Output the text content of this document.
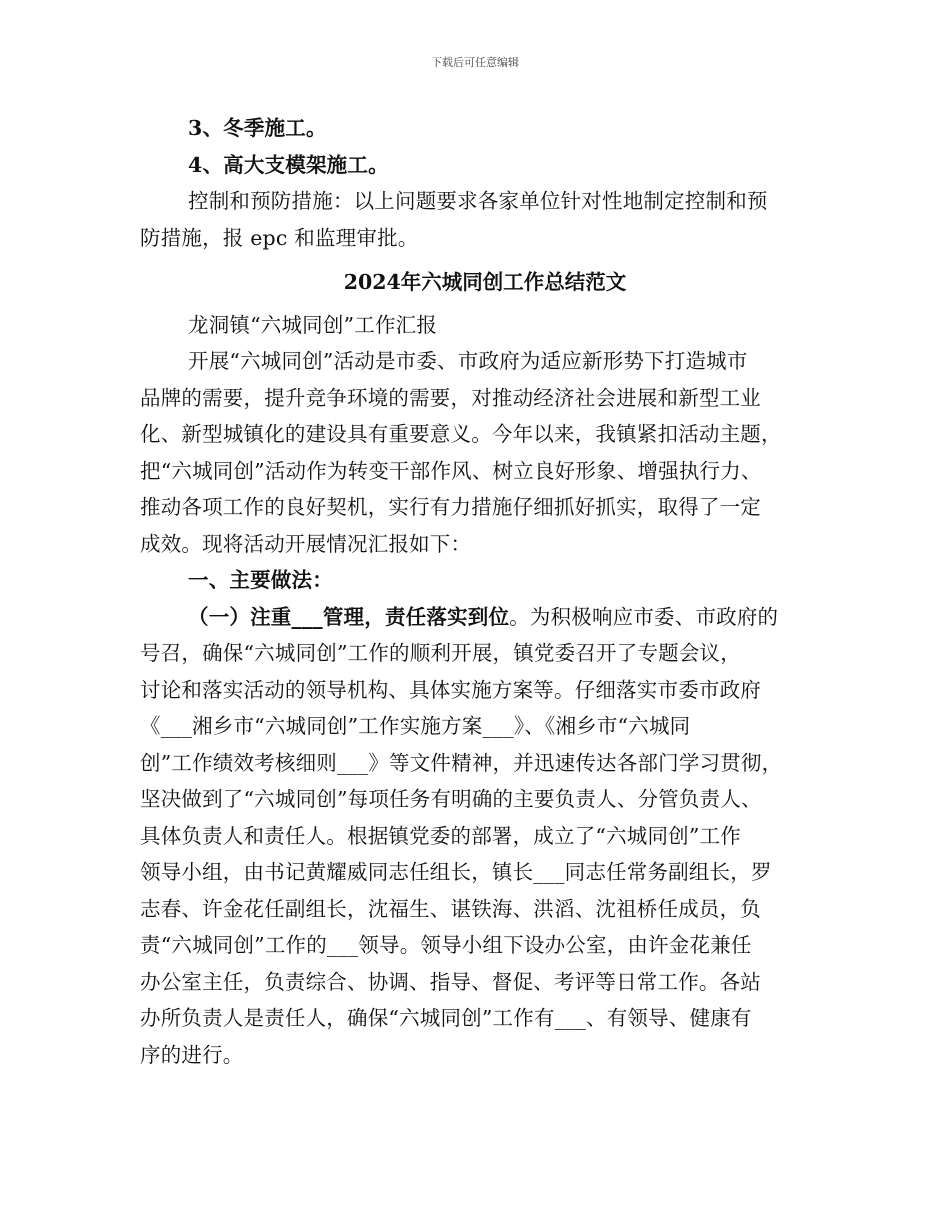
下载后可任意编辑
3、冬季施工。
4、高大支模架施工。
控制和预防措施：以上问题要求各家单位针对性地制定控制和预
防措施，报 epc 和监理审批。
2024年六城同创工作总结范文
龙洞镇“六城同创”工作汇报
开展“六城同创”活动是市委、市政府为适应新形势下打造城市
品牌的需要，提升竞争环境的需要，对推动经济社会进展和新型工业
化、新型城镇化的建设具有重要意义。今年以来，我镇紧扣活动主题，
把“六城同创”活动作为转变干部作风、树立良好形象、增强执行力、
推动各项工作的良好契机，实行有力措施仔细抓好抓实，取得了一定
成效。现将活动开展情况汇报如下：
一、主要做法：
（一）注重___管理，责任落实到位。为积极响应市委、市政府的
号召，确保“六城同创”工作的顺利开展，镇党委召开了专题会议，
讨论和落实活动的领导机构、具体实施方案等。仔细落实市委市政府
《___湘乡市“六城同创”工作实施方案___》、《湘乡市“六城同
创”工作绩效考核细则___》等文件精神，并迅速传达各部门学习贯彻，
坚决做到了“六城同创”每项任务有明确的主要负责人、分管负责人、
具体负责人和责任人。根据镇党委的部署，成立了“六城同创”工作
领导小组，由书记黄耀威同志任组长，镇长___同志任常务副组长，罗
志春、许金花任副组长，沈福生、谌铁海、洪滔、沈祖桥任成员，负
责“六城同创”工作的___领导。领导小组下设办公室，由许金花兼任
办公室主任，负责综合、协调、指导、督促、考评等日常工作。各站
办所负责人是责任人，确保“六城同创”工作有___、有领导、健康有
序的进行。
